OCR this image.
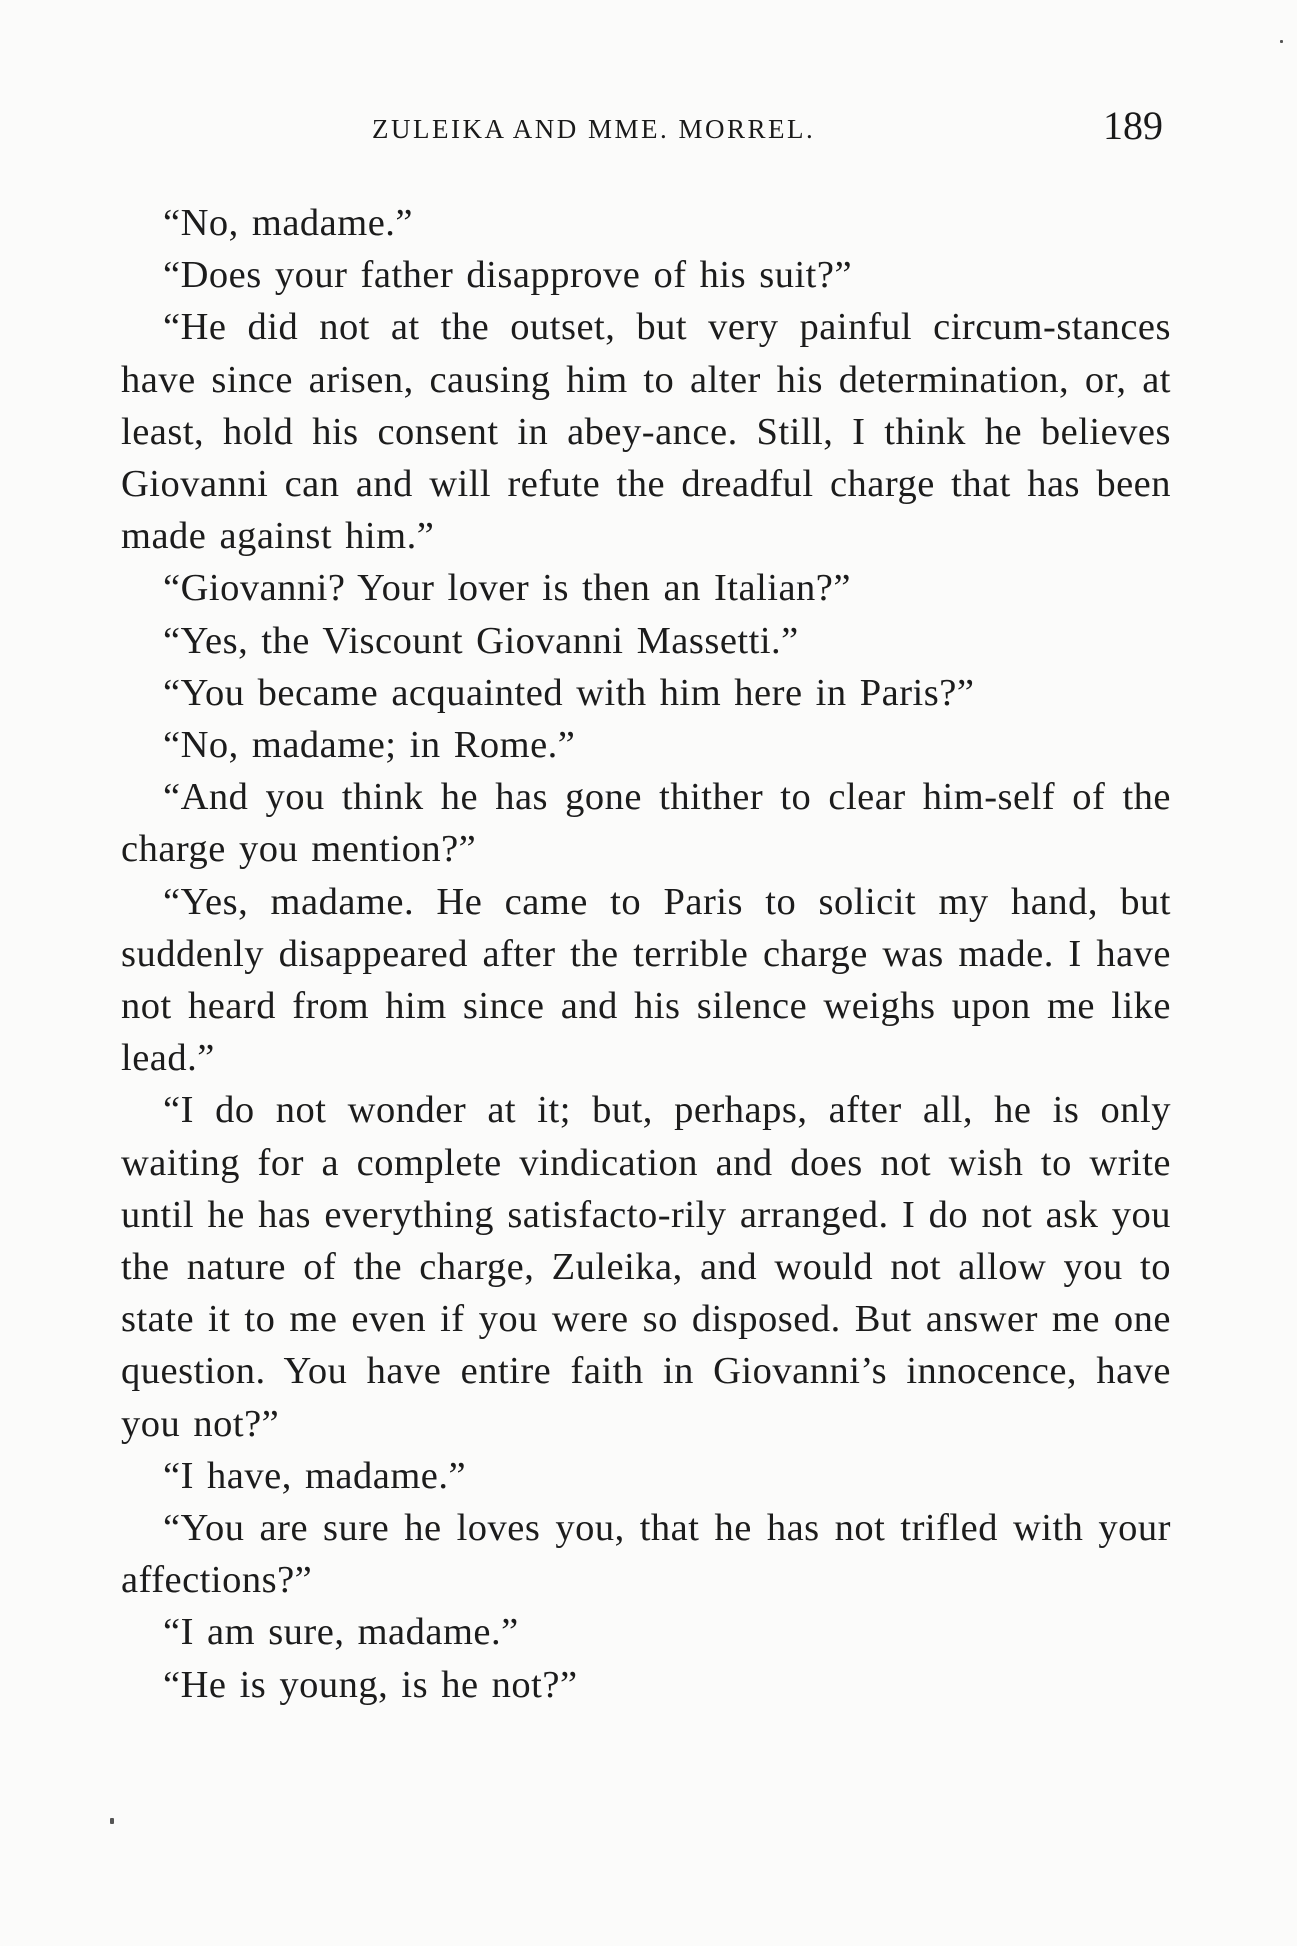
ZULEIKA AND MME. MORREL.	189

“No, madame.”

“Does your father disapprove of his suit?”

“He did not at the outset, but very painful circum-stances have since arisen, causing him to alter his determination, or, at least, hold his consent in abey-ance. Still, I think he believes Giovanni can and will refute the dreadful charge that has been made against him.”

“Giovanni? Your lover is then an Italian?”

“Yes, the Viscount Giovanni Massetti.”

“You became acquainted with him here in Paris?”

“No, madame; in Rome.”

“And you think he has gone thither to clear him-self of the charge you mention?”

“Yes, madame. He came to Paris to solicit my hand, but suddenly disappeared after the terrible charge was made. I have not heard from him since and his silence weighs upon me like lead.”

“I do not wonder at it; but, perhaps, after all, he is only waiting for a complete vindication and does not wish to write until he has everything satisfacto-rily arranged. I do not ask you the nature of the charge, Zuleika, and would not allow you to state it to me even if you were so disposed. But answer me one question. You have entire faith in Giovanni’s innocence, have you not?”

“I have, madame.”

“You are sure he loves you, that he has not trifled with your affections?”

“I am sure, madame.”

“He is young, is he not?”
